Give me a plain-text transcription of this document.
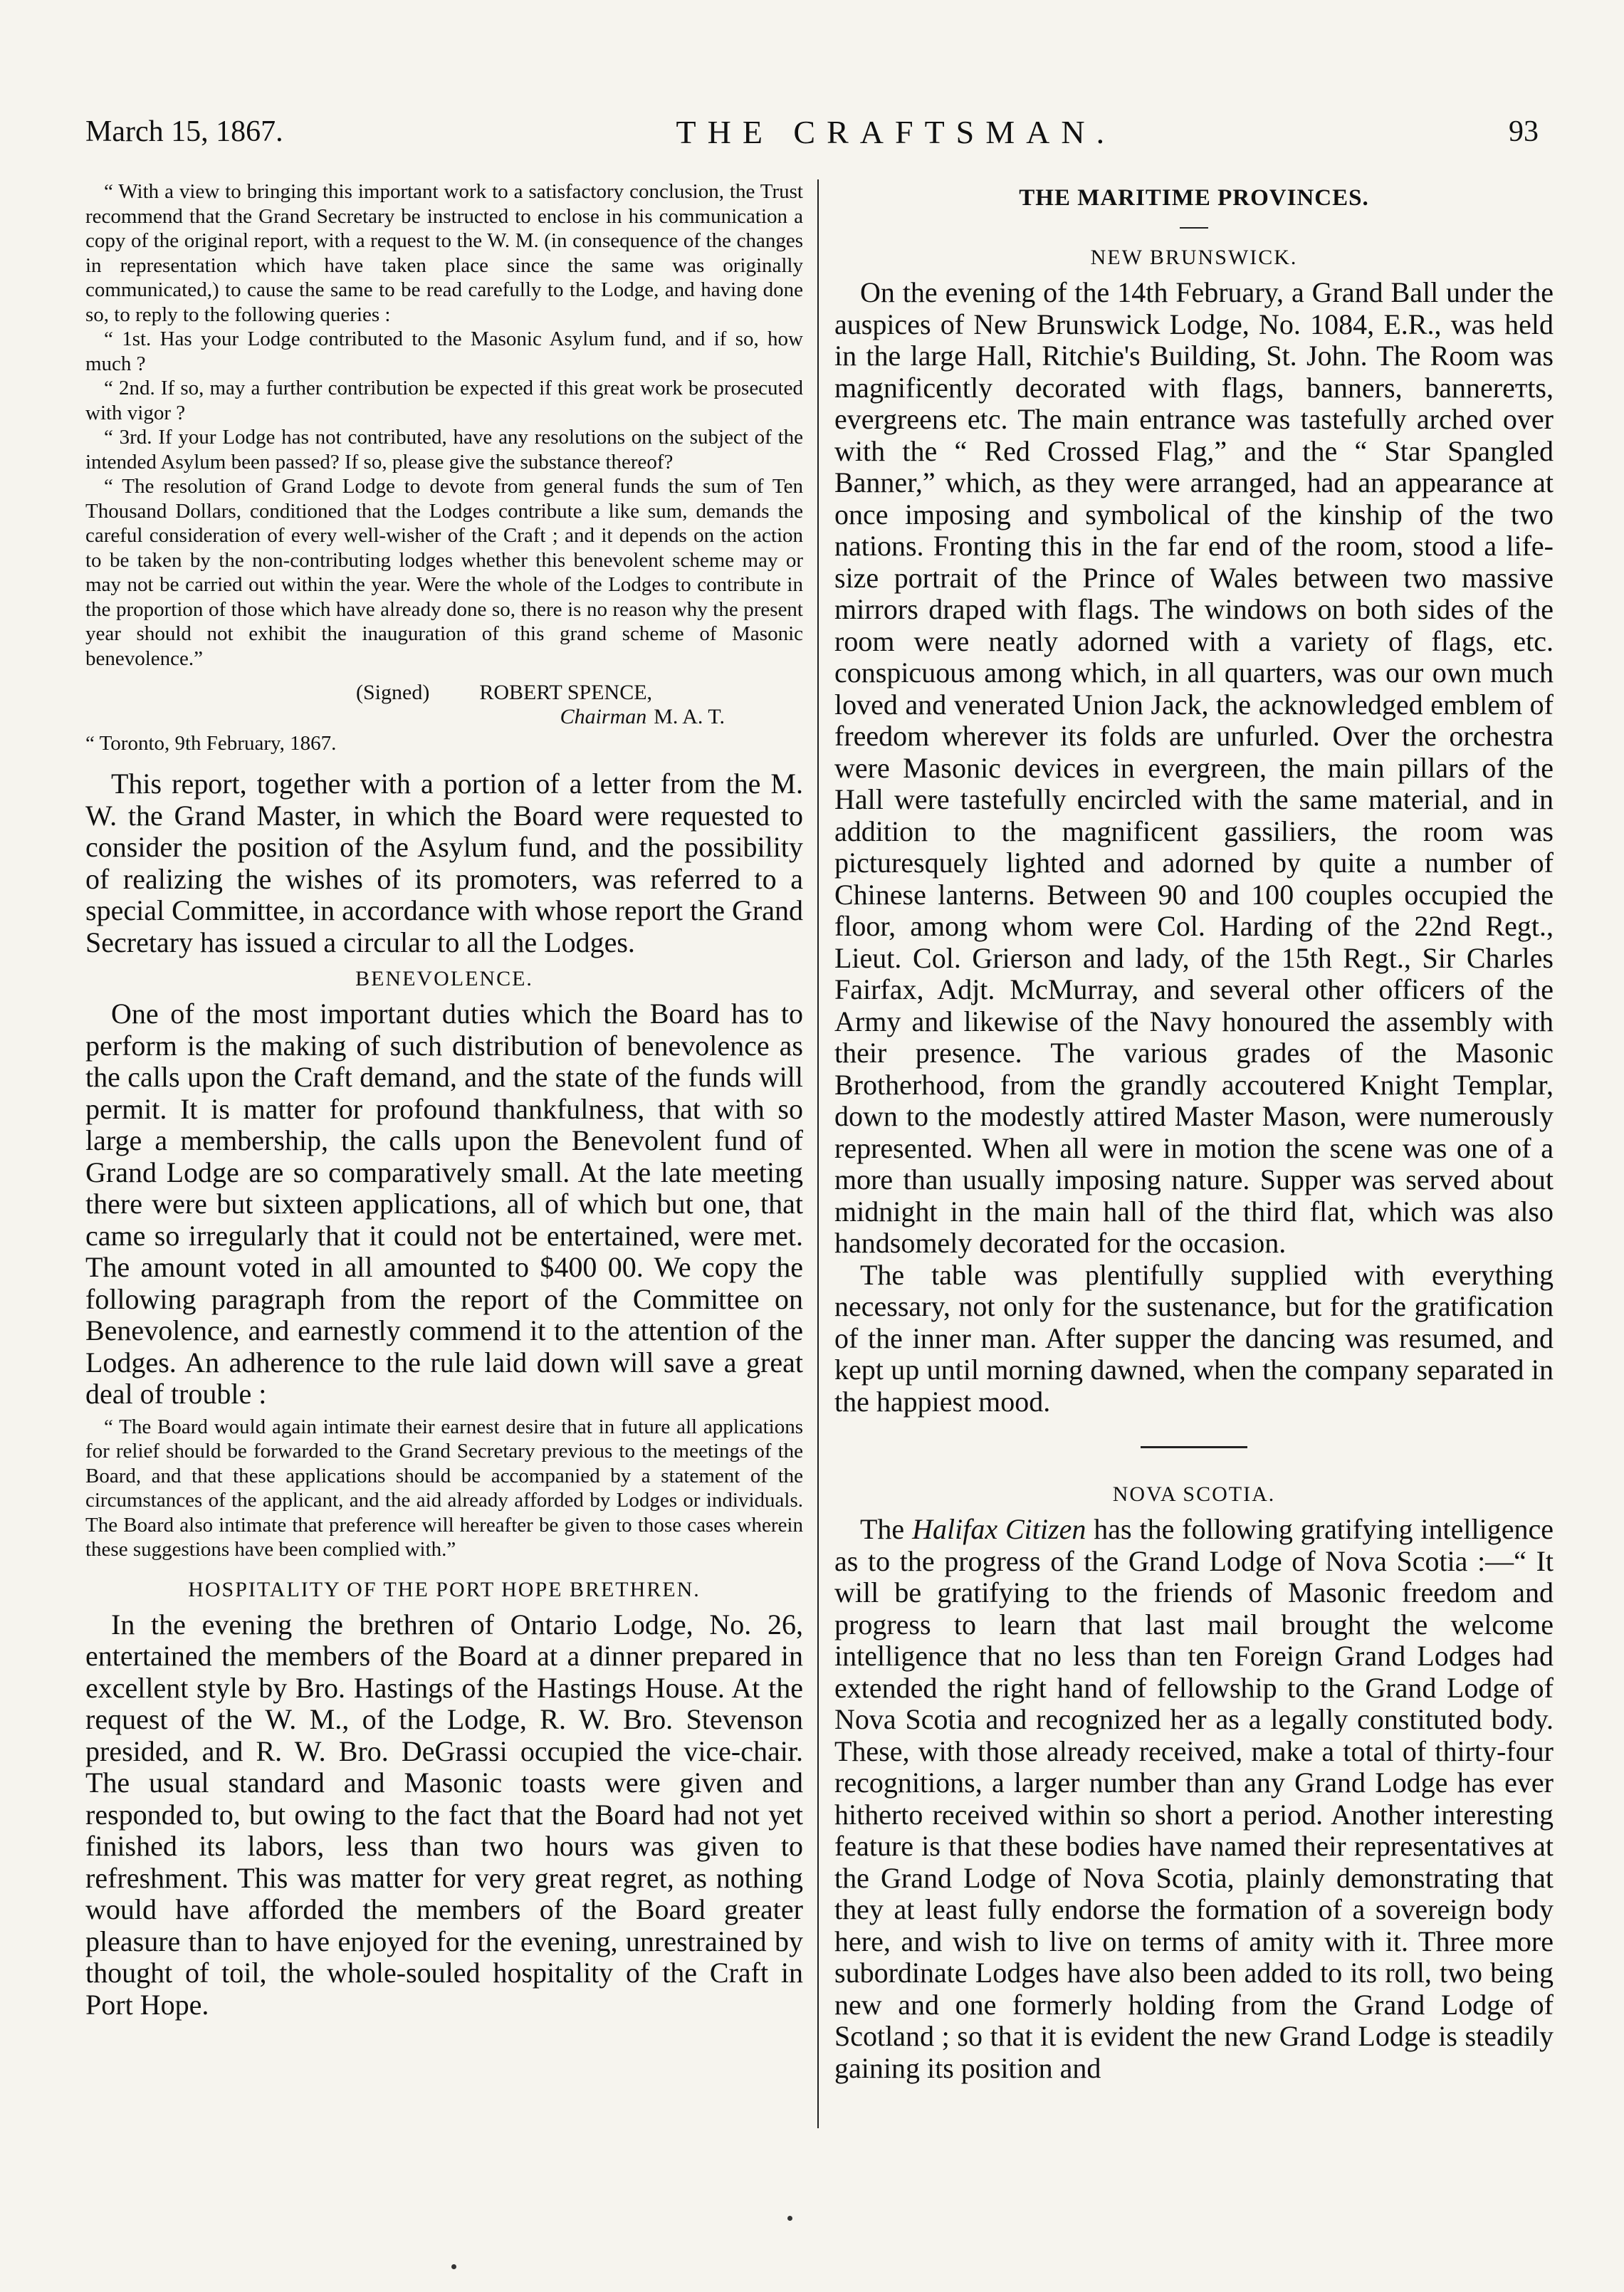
March 15, 1867.	THE CRAFTSMAN.	93

“ With a view to bringing this important work to a satisfactory conclusion, the Trust recommend that the Grand Secretary be instructed to enclose in his communication a copy of the original report, with a request to the W. M. (in consequence of the changes in representation which have taken place since the same was originally communicated,) to cause the same to be read carefully to the Lodge, and having done so, to reply to the following queries :

“ 1st. Has your Lodge contributed to the Masonic Asylum fund, and if so, how much ?

“ 2nd. If so, may a further contribution be expected if this great work be prosecuted with vigor ?

“ 3rd. If your Lodge has not contributed, have any resolutions on the subject of the intended Asylum been passed? If so, please give the substance thereof?

“ The resolution of Grand Lodge to devote from general funds the sum of Ten Thousand Dollars, conditioned that the Lodges contribute a like sum, demands the careful consideration of every well-wisher of the Craft ; and it depends on the action to be taken by the non-contributing lodges whether this benevolent scheme may or may not be carried out within the year. Were the whole of the Lodges to contribute in the proportion of those which have already done so, there is no reason why the present year should not exhibit the inauguration of this grand scheme of Masonic benevolence.”

(Signed) ROBERT SPENCE,
Chairman M. A. T.
“ Toronto, 9th February, 1867.

This report, together with a portion of a letter from the M. W. the Grand Master, in which the Board were requested to consider the position of the Asylum fund, and the possibility of realizing the wishes of its promoters, was referred to a special Committee, in accordance with whose report the Grand Secretary has issued a circular to all the Lodges.

BENEVOLENCE.

One of the most important duties which the Board has to perform is the making of such distribution of benevolence as the calls upon the Craft demand, and the state of the funds will permit. It is matter for profound thankfulness, that with so large a membership, the calls upon the Benevolent fund of Grand Lodge are so comparatively small. At the late meeting there were but sixteen applications, all of which but one, that came so irregularly that it could not be entertained, were met. The amount voted in all amounted to $400 00. We copy the following paragraph from the report of the Committee on Benevolence, and earnestly commend it to the attention of the Lodges. An adherence to the rule laid down will save a great deal of trouble :

“ The Board would again intimate their earnest desire that in future all applications for relief should be forwarded to the Grand Secretary previous to the meetings of the Board, and that these applications should be accompanied by a statement of the circumstances of the applicant, and the aid already afforded by Lodges or individuals. The Board also intimate that preference will hereafter be given to those cases wherein these suggestions have been complied with.”

HOSPITALITY OF THE PORT HOPE BRETHREN.

In the evening the brethren of Ontario Lodge, No. 26, entertained the members of the Board at a dinner prepared in excellent style by Bro. Hastings of the Hastings House. At the request of the W. M., of the Lodge, R. W. Bro. Stevenson presided, and R. W. Bro. DeGrassi occupied the vice-chair. The usual standard and Masonic toasts were given and responded to, but owing to the fact that the Board had not yet finished its labors, less than two hours was given to refreshment. This was matter for very great regret, as nothing would have afforded the members of the Board greater pleasure than to have enjoyed for the evening, unrestrained by thought of toil, the whole-souled hospitality of the Craft in Port Hope.

THE MARITIME PROVINCES.
NEW BRUNSWICK.

On the evening of the 14th February, a Grand Ball under the auspices of New Brunswick Lodge, No. 1084, E.R., was held in the large Hall, Ritchie's Building, St. John. The Room was magnificently decorated with flags, banners, bannerетts, evergreens etc. The main entrance was tastefully arched over with the “ Red Crossed Flag,” and the “ Star Spangled Banner,” which, as they were arranged, had an appearance at once imposing and symbolical of the kinship of the two nations. Fronting this in the far end of the room, stood a life-size portrait of the Prince of Wales between two massive mirrors draped with flags. The windows on both sides of the room were neatly adorned with a variety of flags, etc. conspicuous among which, in all quarters, was our own much loved and venerated Union Jack, the acknowledged emblem of freedom wherever its folds are unfurled. Over the orchestra were Masonic devices in evergreen, the main pillars of the Hall were tastefully encircled with the same material, and in addition to the magnificent gassiliers, the room was picturesquely lighted and adorned by quite a number of Chinese lanterns. Between 90 and 100 couples occupied the floor, among whom were Col. Harding of the 22nd Regt., Lieut. Col. Grierson and lady, of the 15th Regt., Sir Charles Fairfax, Adjt. McMurray, and several other officers of the Army and likewise of the Navy honoured the assembly with their presence. The various grades of the Masonic Brotherhood, from the grandly accoutered Knight Templar, down to the modestly attired Master Mason, were numerously represented. When all were in motion the scene was one of a more than usually imposing nature. Supper was served about midnight in the main hall of the third flat, which was also handsomely decorated for the occasion.

The table was plentifully supplied with everything necessary, not only for the sustenance, but for the gratification of the inner man. After supper the dancing was resumed, and kept up until morning dawned, when the company separated in the happiest mood.

NOVA SCOTIA.

The Halifax Citizen has the following gratifying intelligence as to the progress of the Grand Lodge of Nova Scotia :—“ It will be gratifying to the friends of Masonic freedom and progress to learn that last mail brought the welcome intelligence that no less than ten Foreign Grand Lodges had extended the right hand of fellowship to the Grand Lodge of Nova Scotia and recognized her as a legally constituted body. These, with those already received, make a total of thirty-four recognitions, a larger number than any Grand Lodge has ever hitherto received within so short a period. Another interesting feature is that these bodies have named their representatives at the Grand Lodge of Nova Scotia, plainly demonstrating that they at least fully endorse the formation of a sovereign body here, and wish to live on terms of amity with it. Three more subordinate Lodges have also been added to its roll, two being new and one formerly holding from the Grand Lodge of Scotland ; so that it is evident the new Grand Lodge is steadily gaining its position and
